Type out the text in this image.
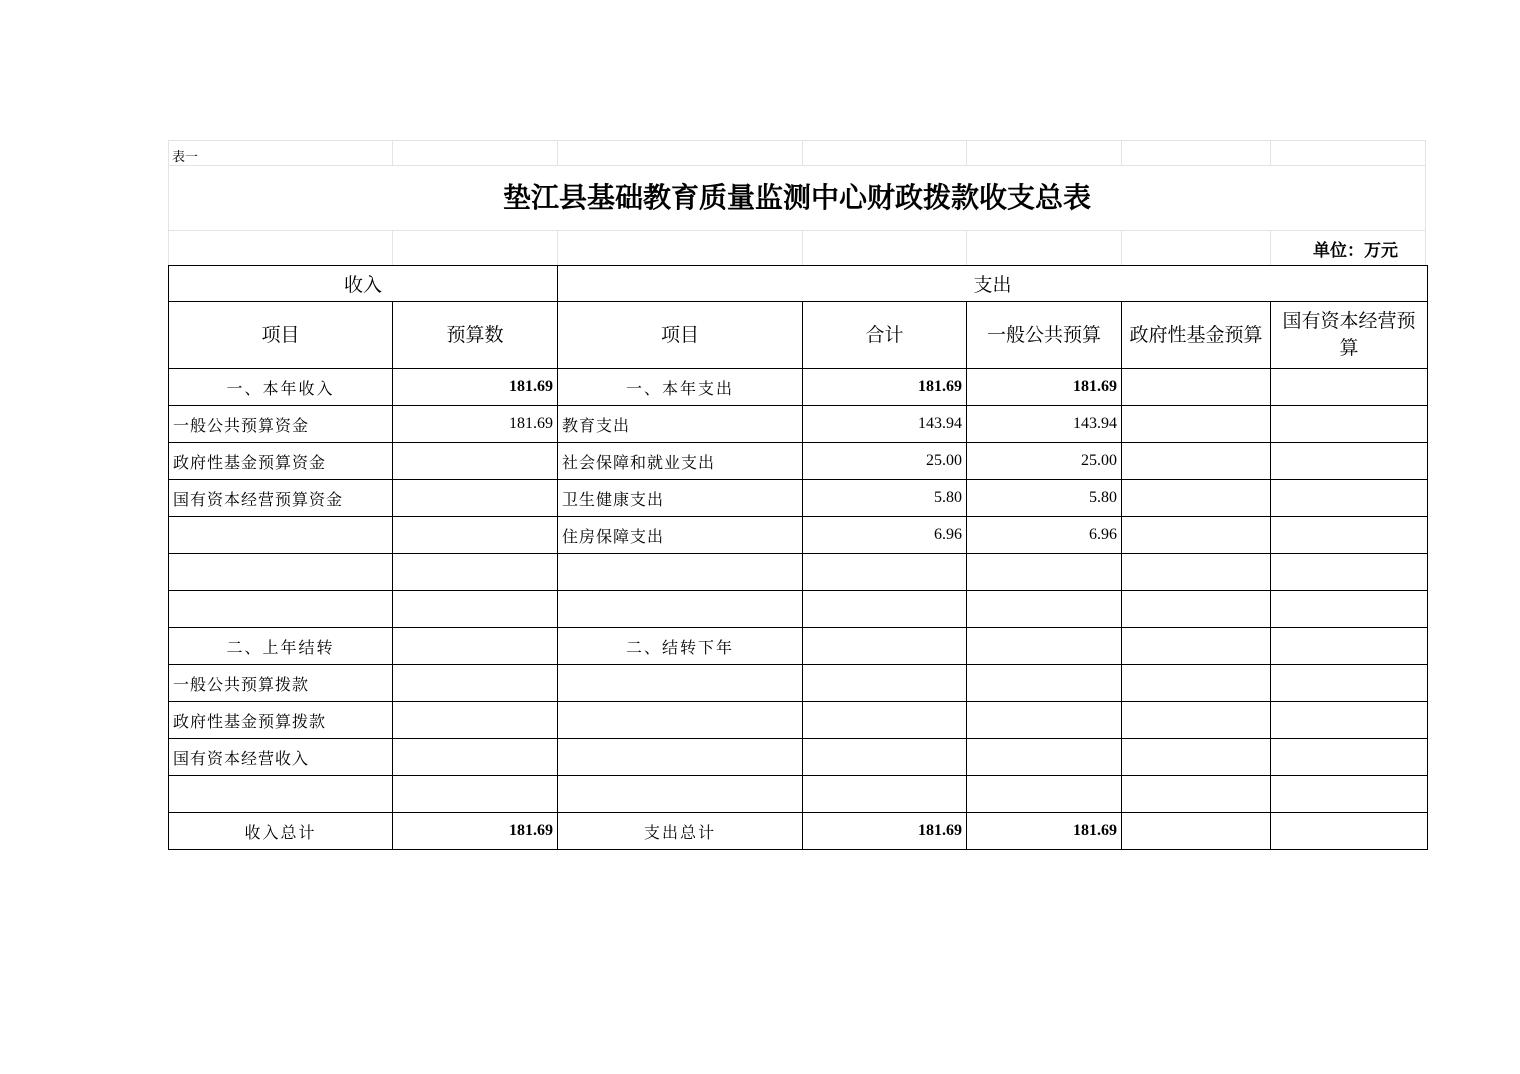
表一
垫江县基础教育质量监测中心财政拨款收支总表
单位：万元
收入		支出				
项目	预算数	项目	合计	一般公共预算	政府性基金预算	国有资本经营预算
一、本年收入	181.69	一、本年支出	181.69	181.69		
一般公共预算资金	181.69	教育支出	143.94	143.94		
政府性基金预算资金		社会保障和就业支出	25.00	25.00		
国有资本经营预算资金		卫生健康支出	5.80	5.80		
		住房保障支出	6.96	6.96		

二、上年结转		二、结转下年				
一般公共预算拨款						
政府性基金预算拨款						
国有资本经营收入						

收入总计	181.69	支出总计	181.69	181.69		
